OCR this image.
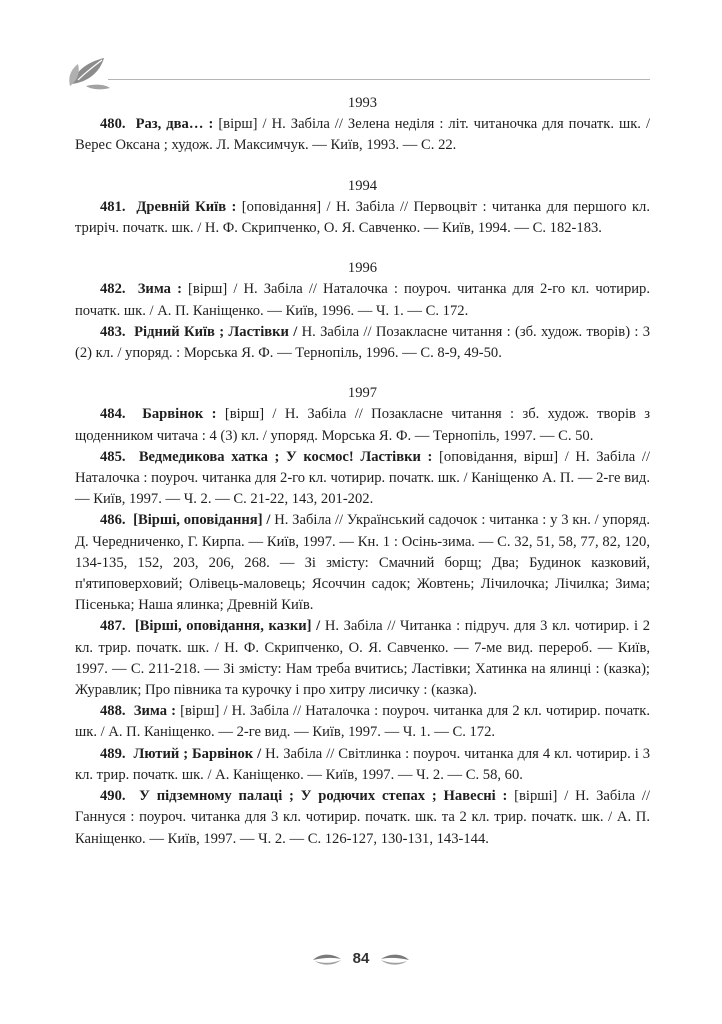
1993

480. Раз, два… : [вірш] / Н. Забіла // Зелена неділя : літ. читаночка для початк. шк. / Верес Оксана ; худож. Л. Максимчук. — Київ, 1993. — С. 22.

1994

481. Древній Київ : [оповідання] / Н. Забіла // Первоцвіт : читанка для першого кл. триріч. початк. шк. / Н. Ф. Скрипченко, О. Я. Савченко. — Київ, 1994. — С. 182-183.

1996

482. Зима : [вірш] / Н. Забіла // Наталочка : поуроч. читанка для 2-го кл. чотирир. початк. шк. / А. П. Каніщенко. — Київ, 1996. — Ч. 1. — С. 172.

483. Рідний Київ ; Ластівки / Н. Забіла // Позакласне читання : (зб. худож. творів) : 3 (2) кл. / упоряд. : Морська Я. Ф. — Тернопіль, 1996. — С. 8-9, 49-50.

1997

484. Барвінок : [вірш] / Н. Забіла // Позакласне читання : зб. худож. творів з щоденником читача : 4 (3) кл. / упоряд. Морська Я. Ф. — Тернопіль, 1997. — С. 50.

485. Ведмедикова хатка ; У космос! Ластівки : [оповідання, вірш] / Н. Забіла // Наталочка : поуроч. читанка для 2-го кл. чотирир. початк. шк. / Каніщенко А. П. — 2-ге вид. — Київ, 1997. — Ч. 2. — С. 21-22, 143, 201-202.

486. [Вірші, оповідання] / Н. Забіла // Український садочок : читанка : у 3 кн. / упоряд. Д. Чередниченко, Г. Кирпа. — Київ, 1997. — Кн. 1 : Осінь-зима. — С. 32, 51, 58, 77, 82, 120, 134-135, 152, 203, 206, 268. — Зі змісту: Смачний борщ; Два; Будинок казковий, п'ятиповерховий; Олівець-маловець; Ясоччин садок; Жовтень; Лічилочка; Лічилка; Зима; Пісенька; Наша ялинка; Древній Київ.

487. [Вірші, оповідання, казки] / Н. Забіла // Читанка : підруч. для 3 кл. чотирир. і 2 кл. трир. початк. шк. / Н. Ф. Скрипченко, О. Я. Савченко. — 7-ме вид. перероб. — Київ, 1997. — С. 211-218. — Зі змісту: Нам треба вчитись; Ластівки; Хатинка на ялинці : (казка); Журавлик; Про півника та курочку і про хитру лисичку : (казка).

488. Зима : [вірш] / Н. Забіла // Наталочка : поуроч. читанка для 2 кл. чотирир. початк. шк. / А. П. Каніщенко. — 2-ге вид. — Київ, 1997. — Ч. 1. — С. 172.

489. Лютий ; Барвінок / Н. Забіла // Світлинка : поуроч. читанка для 4 кл. чотирир. і 3 кл. трир. початк. шк. / А. Каніщенко. — Київ, 1997. — Ч. 2. — С. 58, 60.

490. У підземному палаці ; У родючих степах ; Навесні : [вірші] / Н. Забіла // Ганнуся : поуроч. читанка для 3 кл. чотирир. початк. шк. та 2 кл. трир. початк. шк. / А. П. Каніщенко. — Київ, 1997. — Ч. 2. — С. 126-127, 130-131, 143-144.

84
